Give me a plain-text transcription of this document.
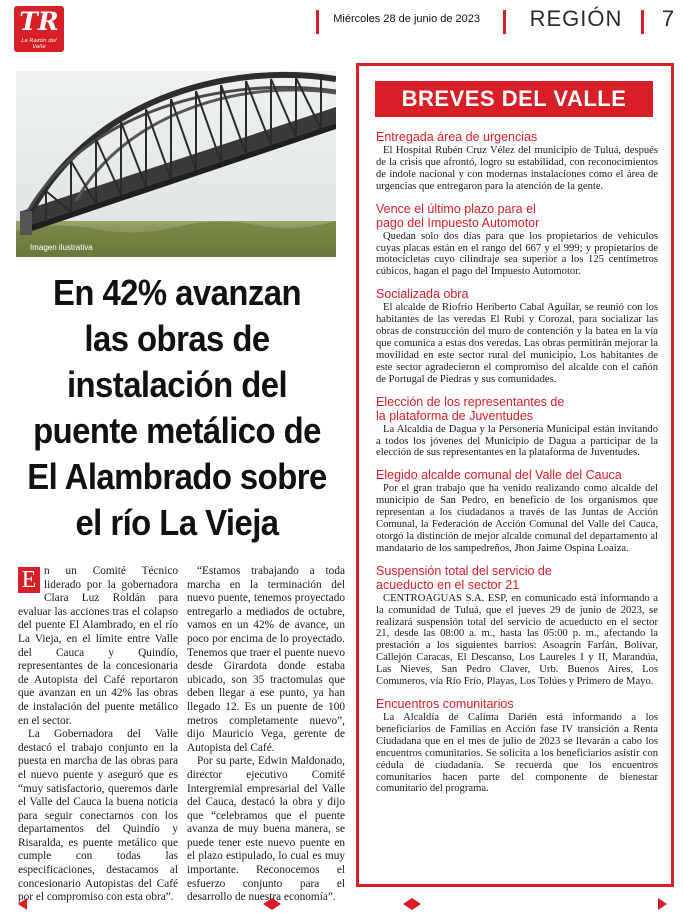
TR
La Razón del Valle
Miércoles 28 de junio de 2023	REGIÓN	7
Imagen ilustrativa
En 42% avanzan las obras de instalación del puente metálico de El Alambrado sobre el río La Vieja

E n un Comité Técnico liderado por la gobernadora Clara Luz Roldán para evaluar las acciones tras el colapso del puente El Alambrado, en el río La Vieja, en el límite entre Valle del Cauca y Quindío, representantes de la concesionaria de Autopista del Café reportaron que avanzan en un 42% las obras de instalación del puente metálico en el sector.

La Gobernadora del Valle destacó el trabajo conjunto en la puesta en marcha de las obras para el nuevo puente y aseguró que es “muy satisfactorio, queremos darle el Valle del Cauca la buena noticia para seguir conectarnos con los departamentos del Quindío y Risaralda, es puente metálico que cumple con todas las especificaciones, destacamos al concesionario Autopistas del Café por el compromiso con esta obra”.

“Estamos trabajando a toda marcha en la terminación del nuevo puente, tenemos proyectado entregarlo a mediados de octubre, vamos en un 42% de avance, un poco por encima de lo proyectado. Tenemos que traer el puente nuevo desde Girardota donde estaba ubicado, son 35 tractomulas que deben llegar a ese punto, ya han llegado 12. Es un puente de 100 metros completamente nuevo”, dijo Mauricio Vega, gerente de Autopista del Café.

Por su parte, Edwin Maldonado, director ejecutivo Comité Intergremial empresarial del Valle del Cauca, destacó la obra y dijo que “celebramos que el puente avanza de muy buena manera, se puede tener este nuevo puente en el plazo estipulado, lo cual es muy importante. Reconocemos el esfuerzo conjunto para el desarrollo de nuestra economía”.

BREVES DEL VALLE
Entregada área de urgencias

El Hospital Rubén Cruz Vélez del municipio de Tuluá, después de la crisis que afrontó, logro su estabilidad, con reconocimientos de índole nacional y con modernas instalaciones como el área de urgencias que entregaron para la atención de la gente.

Vence el último plazo para el pago del Impuesto Automotor

Quedan solo dos días para que los propietarios de vehículos cuyas placas están en el rango del 667 y el 999; y propietarios de motocicletas cuyo cilindraje sea superior a los 125 centímetros cúbicos, hagan el pago del Impuesto Automotor.

Socializada obra

El alcalde de Riofrío Heriberto Cabal Aguilar, se reunió con los habitantes de las veredas El Rubí y Corozal, para socializar las obras de construcción del muro de contención y la batea en la vía que comunica a estas dos veredas. Las obras permitirán mejorar la movilidad en este sector rural del municipio. Los habitantes de este sector agradecieron el compromiso del alcalde con el cañón de Portugal de Piedras y sus comunidades.

Elección de los representantes de la plataforma de Juventudes

La Alcaldía de Dagua y la Personería Municipal están invitando a todos los jóvenes del Municipio de Dagua a participar de la elección de sus representantes en la plataforma de Juventudes.

Elegido alcalde comunal del Valle del Cauca

Por el gran trabajo que ha venido realizando como alcalde del municipio de San Pedro, en beneficio de los organismos que representan a los ciudadanos a través de las Juntas de Acción Comunal, la Federación de Acción Comunal del Valle del Cauca, otorgó la distinción de mejor alcalde comunal del departamento al mandatario de los sampedreños, Jhon Jaime Ospina Loaiza.

Suspensión total del servicio de acueducto en el sector 21

CENTROAGUAS S.A. ESP, en comunicado está informando a la comunidad de Tuluá, que el jueves 29 de junio de 2023, se realizará suspensión total del servicio de acueducto en el sector 21, desde las 08:00 a. m., hasta las 05:00 p. m., afectando la prestación a los siguientes barrios: Asoagrín Farfán, Bolívar, Callejón Caracas, El Descanso, Los Laureles I y II, Marandúa, Las Nieves, San Pedro Claver, Urb. Buenos Aires, Los Comuneros, vía Río Frío, Playas, Los Tolúes y Primero de Mayo.

Encuentros comunitarios

La Alcaldía de Calima Darién está informando a los beneficiarios de Familias en Acción fase IV transición a Renta Ciudadana que en el mes de julio de 2023 se llevarán a cabo los encuentros comunitarios. Se solicita a los beneficiarios asistir con cédula de ciudadanía. Se recuerda que los encuentros comunitarios hacen parte del componente de bienestar comunitario del programa.
